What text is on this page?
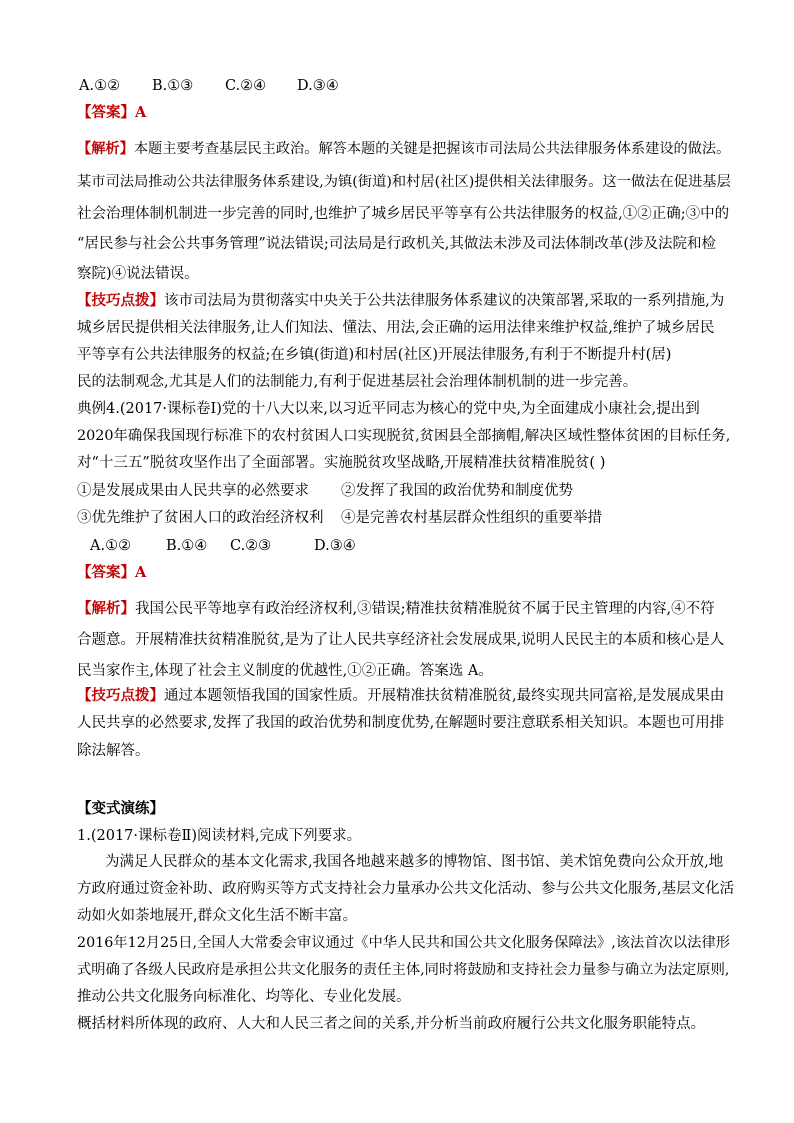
A.①② B.①③ C.②④ D.③④
【答案】A
【解析】本题主要考查基层民主政治。解答本题的关键是把握该市司法局公共法律服务体系建设的做法。
某市司法局推动公共法律服务体系建设,为镇(街道)和村居(社区)提供相关法律服务。这一做法在促进基层
社会治理体制机制进一步完善的同时,也维护了城乡居民平等享有公共法律服务的权益,①②正确;③中的
“居民参与社会公共事务管理”说法错误;司法局是行政机关,其做法未涉及司法体制改革(涉及法院和检
察院)④说法错误。
【技巧点拨】该市司法局为贯彻落实中央关于公共法律服务体系建议的决策部署,采取的一系列措施,为
城乡居民提供相关法律服务,让人们知法、懂法、用法,会正确的运用法律来维护权益,维护了城乡居民
平等享有公共法律服务的权益;在乡镇(街道)和村居(社区)开展法律服务,有利于不断提升村(居)
民的法制观念,尤其是人们的法制能力,有利于促进基层社会治理体制机制的进一步完善。
典例4.(2017·课标卷Ⅰ)党的十八大以来,以习近平同志为核心的党中央,为全面建成小康社会,提出到
2020年确保我国现行标准下的农村贫困人口实现脱贫,贫困县全部摘帽,解决区域性整体贫困的目标任务,
对“十三五”脱贫攻坚作出了全面部署。实施脱贫攻坚战略,开展精准扶贫精准脱贫( )
①是发展成果由人民共享的必然要求 ②发挥了我国的政治优势和制度优势
③优先维护了贫困人口的政治经济权利 ④是完善农村基层群众性组织的重要举措
A.①② B.①④ C.②③	D.③④
【答案】A
【解析】我国公民平等地享有政治经济权利,③错误;精准扶贫精准脱贫不属于民主管理的内容,④不符
合题意。开展精准扶贫精准脱贫,是为了让人民共享经济社会发展成果,说明人民民主的本质和核心是人
民当家作主,体现了社会主义制度的优越性,①②正确。答案选 A。
【技巧点拨】通过本题领悟我国的国家性质。开展精准扶贫精准脱贫,最终实现共同富裕,是发展成果由
人民共享的必然要求,发挥了我国的政治优势和制度优势,在解题时要注意联系相关知识。本题也可用排
除法解答。
【变式演练】
1.(2017·课标卷Ⅱ)阅读材料,完成下列要求。
为满足人民群众的基本文化需求,我国各地越来越多的博物馆、图书馆、美术馆免费向公众开放,地
方政府通过资金补助、政府购买等方式支持社会力量承办公共文化活动、参与公共文化服务,基层文化活
动如火如荼地展开,群众文化生活不断丰富。
2016年12月25日,全国人大常委会审议通过《中华人民共和国公共文化服务保障法》,该法首次以法律形
式明确了各级人民政府是承担公共文化服务的责任主体,同时将鼓励和支持社会力量参与确立为法定原则,
推动公共文化服务向标准化、均等化、专业化发展。
概括材料所体现的政府、人大和人民三者之间的关系,并分析当前政府履行公共文化服务职能特点。
